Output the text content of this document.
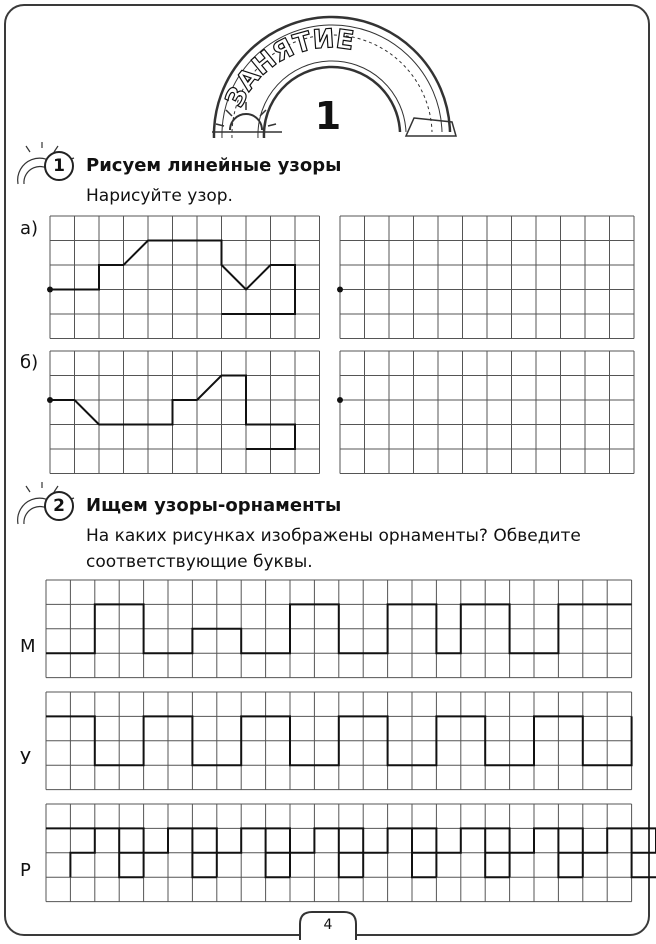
ЗАНЯТИЕ
1
1	Рисуем линейные узоры
Нарисуйте узор.
а)
б)
2	Ищем узоры-орнаменты
На каких рисунках изображены орнаменты? Обведите
соответствующие буквы.
М
У
Р
4
